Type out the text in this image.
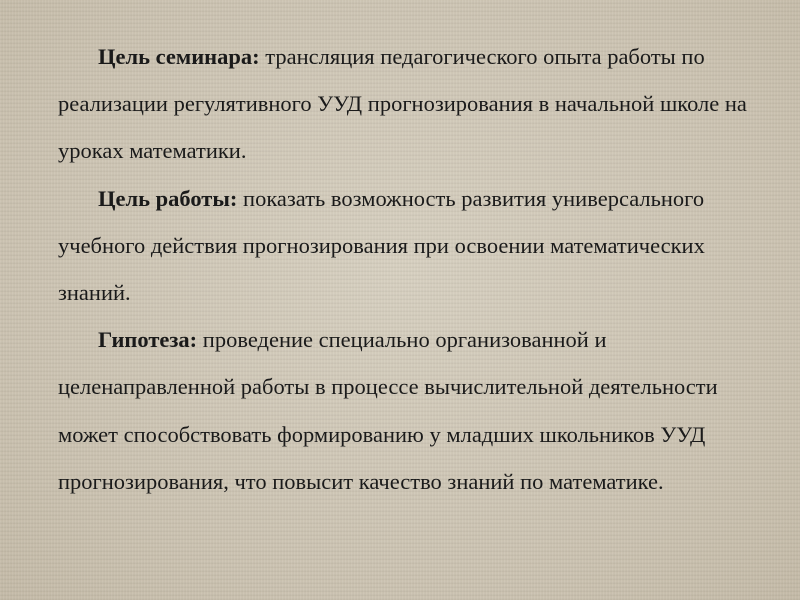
Цель семинара: трансляция педагогического опыта работы по реализации регулятивного УУД прогнозирования в начальной школе на уроках математики.

Цель работы: показать возможность развития универсального учебного действия прогнозирования при освоении математических знаний.

Гипотеза: проведение специально организованной и целенаправленной работы в процессе вычислительной деятельности может способствовать формированию у младших школьников УУД прогнозирования, что повысит качество знаний по математике.
